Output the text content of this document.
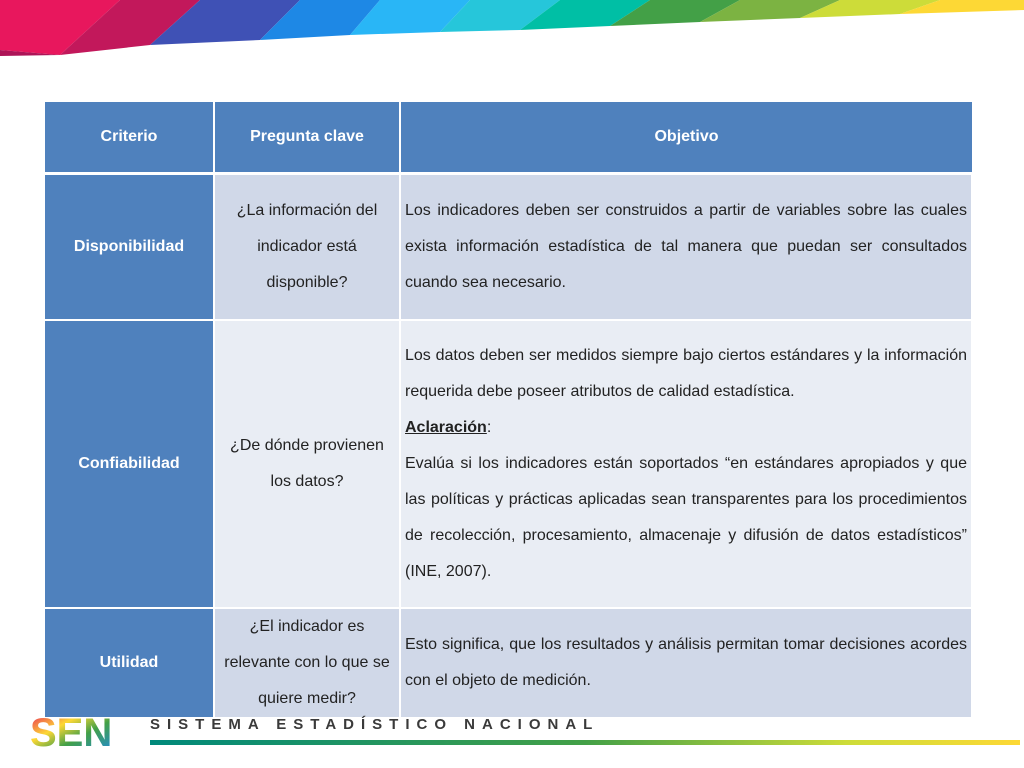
Criterio	Pregunta clave	Objetivo
Disponibilidad	¿La información del indicador está disponible?	Los indicadores deben ser construidos a partir de variables sobre las cuales exista información estadística de tal manera que puedan ser consultados cuando sea necesario.
Confiabilidad	¿De dónde provienen los datos?	Los datos deben ser medidos siempre bajo ciertos estándares y la información requerida debe poseer atributos de calidad estadística.
Aclaración:
Evalúa si los indicadores están soportados “en estándares apropiados y que las políticas y prácticas aplicadas sean transparentes para los procedimientos de recolección, procesamiento, almacenaje y difusión de datos estadísticos” (INE, 2007).

Utilidad	¿El indicador es relevante con lo que se quiere medir?	Esto significa, que los resultados y análisis permitan tomar decisiones acordes con el objeto de medición.
SEN	SISTEMA ESTADÍSTICO NACIONAL
